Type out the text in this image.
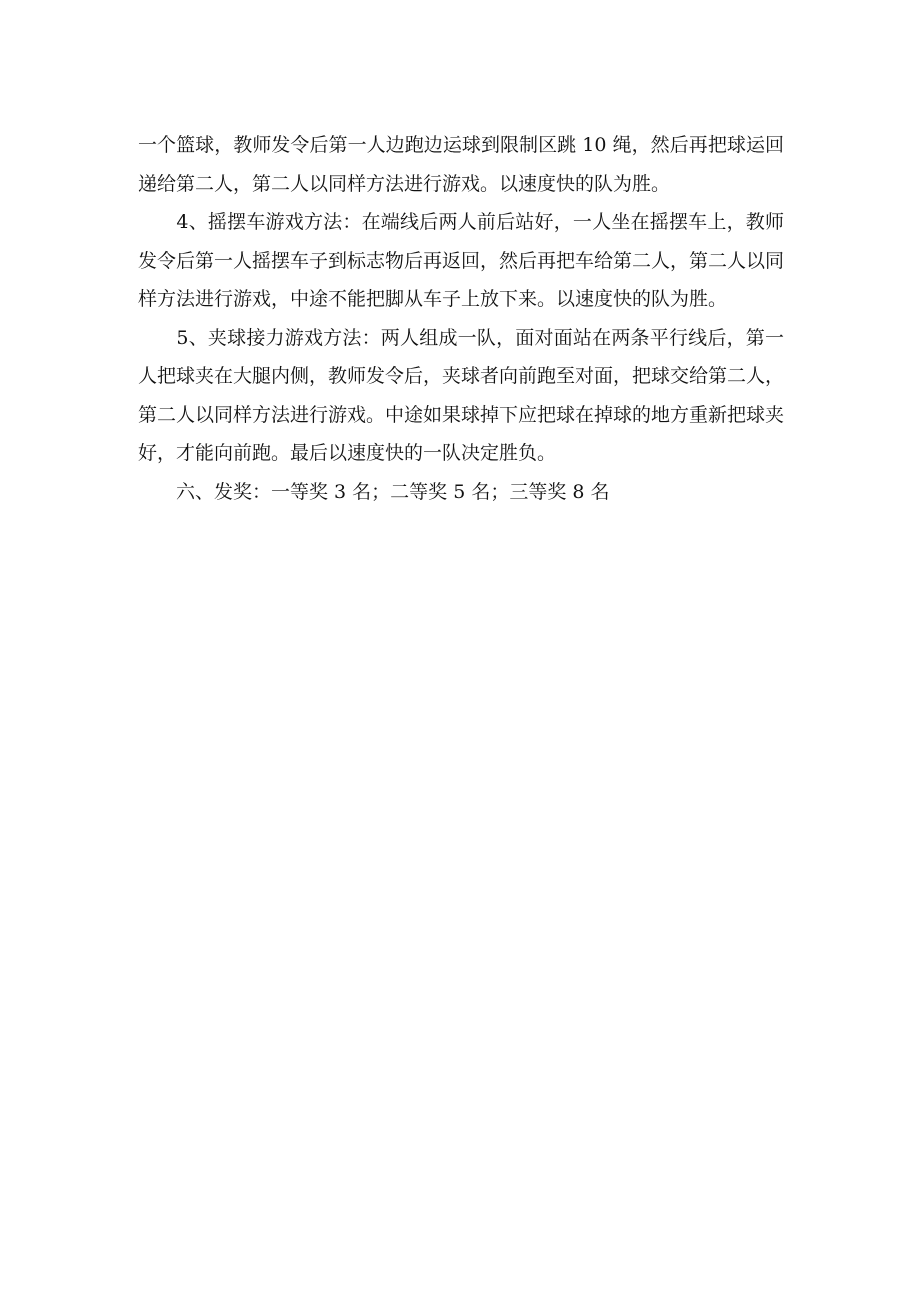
一个篮球，教师发令后第一人边跑边运球到限制区跳 10 绳，然后再把球运回递给第二人，第二人以同样方法进行游戏。以速度快的队为胜。

　　4、摇摆车游戏方法：在端线后两人前后站好，一人坐在摇摆车上，教师发令后第一人摇摆车子到标志物后再返回，然后再把车给第二人，第二人以同样方法进行游戏，中途不能把脚从车子上放下来。以速度快的队为胜。

　　5、夹球接力游戏方法：两人组成一队，面对面站在两条平行线后，第一人把球夹在大腿内侧，教师发令后，夹球者向前跑至对面，把球交给第二人，第二人以同样方法进行游戏。中途如果球掉下应把球在掉球的地方重新把球夹好，才能向前跑。最后以速度快的一队决定胜负。

　　六、发奖：一等奖 3 名；二等奖 5 名；三等奖 8 名
